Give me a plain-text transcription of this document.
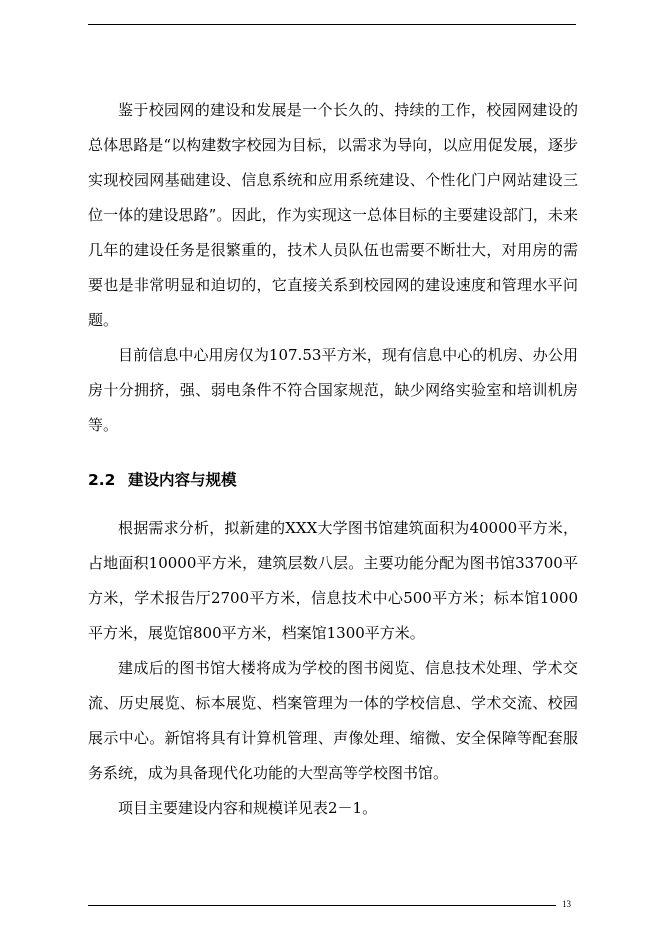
鉴于校园网的建设和发展是一个长久的、持续的工作，校园网建设的总体思路是“以构建数字校园为目标，以需求为导向，以应用促发展，逐步实现校园网基础建设、信息系统和应用系统建设、个性化门户网站建设三位一体的建设思路”。因此，作为实现这一总体目标的主要建设部门，未来几年的建设任务是很繁重的，技术人员队伍也需要不断壮大，对用房的需要也是非常明显和迫切的，它直接关系到校园网的建设速度和管理水平问题。

目前信息中心用房仅为107.53平方米，现有信息中心的机房、办公用房十分拥挤，强、弱电条件不符合国家规范，缺少网络实验室和培训机房等。

2.2 建设内容与规模

根据需求分析，拟新建的XXX大学图书馆建筑面积为40000平方米，占地面积10000平方米，建筑层数八层。主要功能分配为图书馆33700平方米，学术报告厅2700平方米，信息技术中心500平方米；标本馆1000平方米，展览馆800平方米，档案馆1300平方米。

建成后的图书馆大楼将成为学校的图书阅览、信息技术处理、学术交流、历史展览、标本展览、档案管理为一体的学校信息、学术交流、校园展示中心。新馆将具有计算机管理、声像处理、缩微、安全保障等配套服务系统，成为具备现代化功能的大型高等学校图书馆。

项目主要建设内容和规模详见表2－1。

13
